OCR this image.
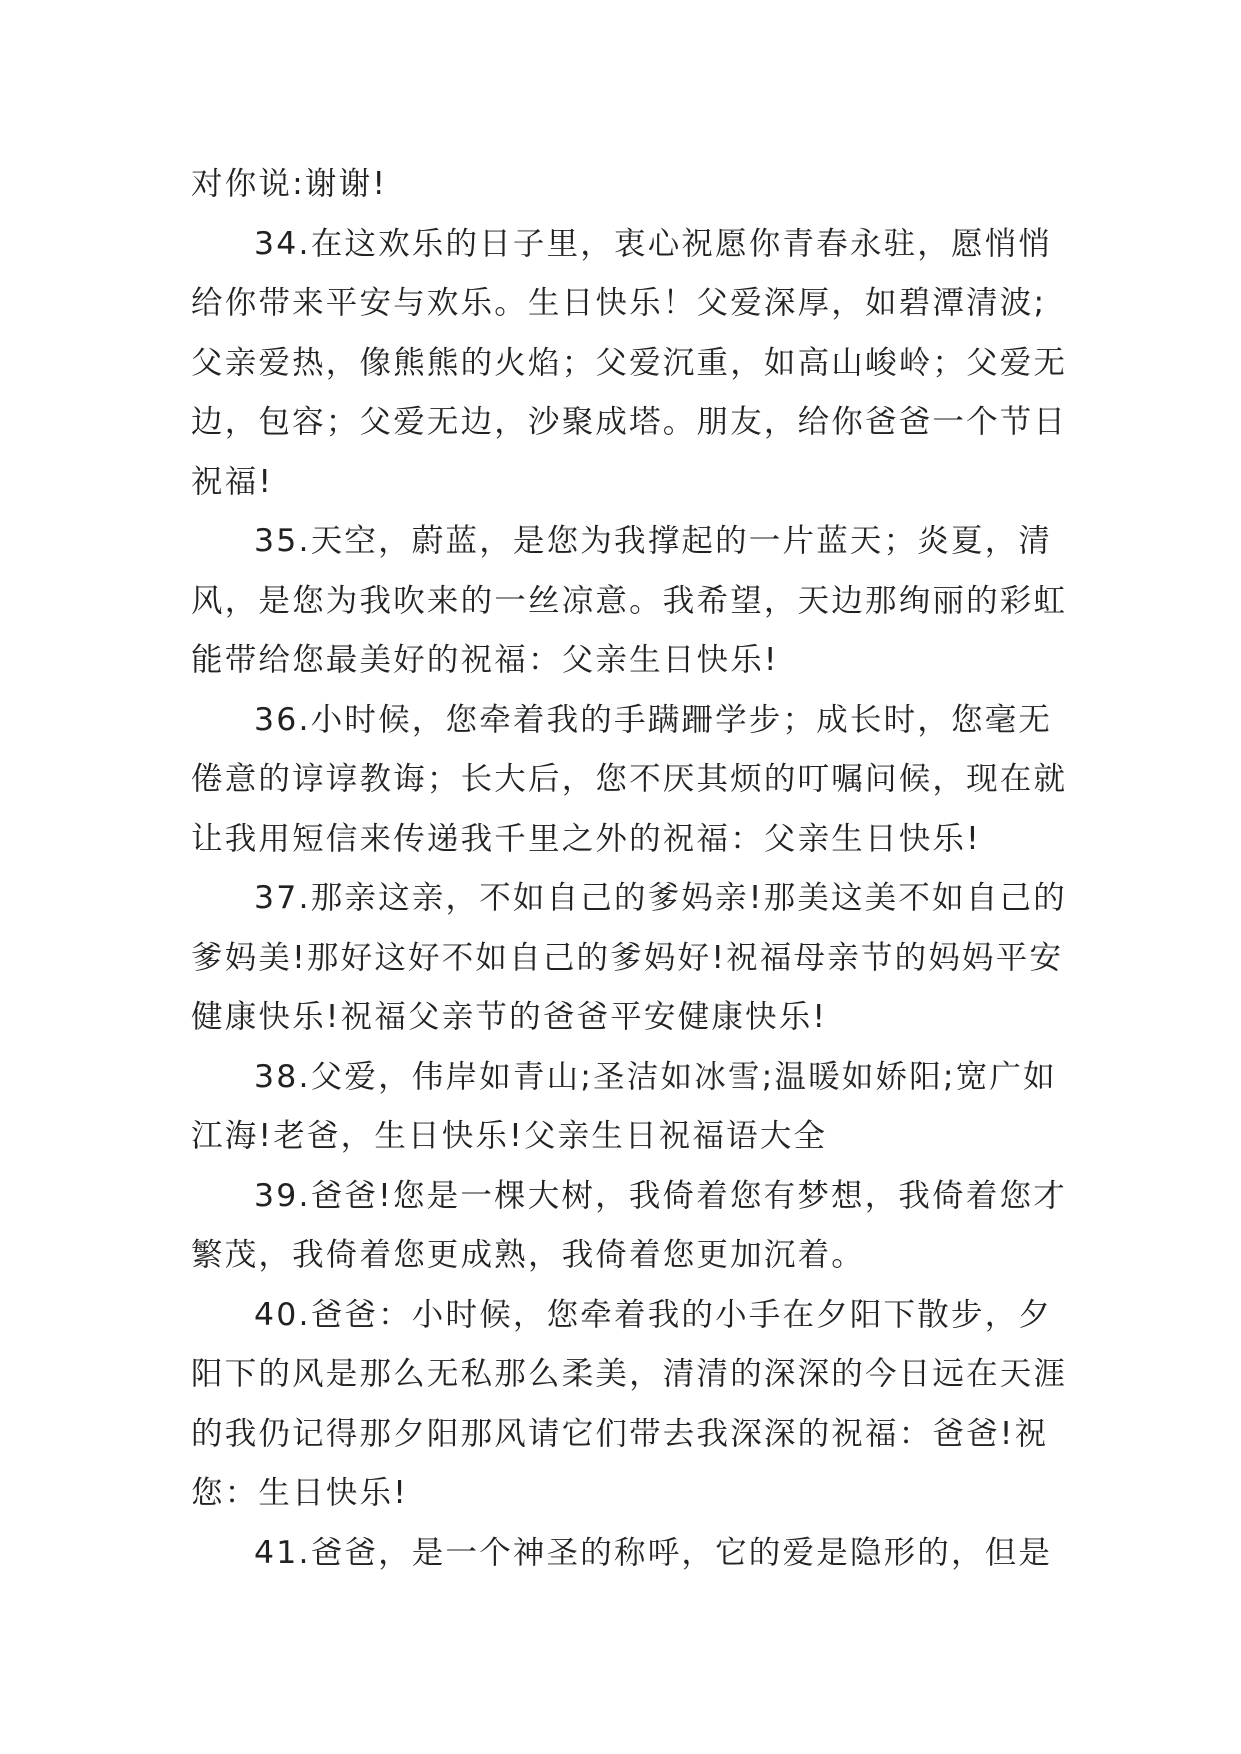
对你说:谢谢!
34.在这欢乐的日子里，衷心祝愿你青春永驻，愿悄悄
给你带来平安与欢乐。生日快乐！父爱深厚，如碧潭清波;
父亲爱热，像熊熊的火焰；父爱沉重，如高山峻岭；父爱无
边，包容；父爱无边，沙聚成塔。朋友，给你爸爸一个节日
祝福!
35.天空，蔚蓝，是您为我撑起的一片蓝天；炎夏，清
风，是您为我吹来的一丝凉意。我希望，天边那绚丽的彩虹
能带给您最美好的祝福：父亲生日快乐!
36.小时候，您牵着我的手蹒跚学步；成长时，您毫无
倦意的谆谆教诲；长大后，您不厌其烦的叮嘱问候，现在就
让我用短信来传递我千里之外的祝福：父亲生日快乐!
37.那亲这亲，不如自己的爹妈亲!那美这美不如自己的
爹妈美!那好这好不如自己的爹妈好!祝福母亲节的妈妈平安
健康快乐!祝福父亲节的爸爸平安健康快乐!
38.父爱，伟岸如青山;圣洁如冰雪;温暖如娇阳;宽广如
江海!老爸，生日快乐!父亲生日祝福语大全
39.爸爸!您是一棵大树，我倚着您有梦想，我倚着您才
繁茂，我倚着您更成熟，我倚着您更加沉着。
40.爸爸：小时候，您牵着我的小手在夕阳下散步，夕
阳下的风是那么无私那么柔美，清清的深深的今日远在天涯
的我仍记得那夕阳那风请它们带去我深深的祝福：爸爸!祝
您：生日快乐!
41.爸爸，是一个神圣的称呼，它的爱是隐形的，但是
